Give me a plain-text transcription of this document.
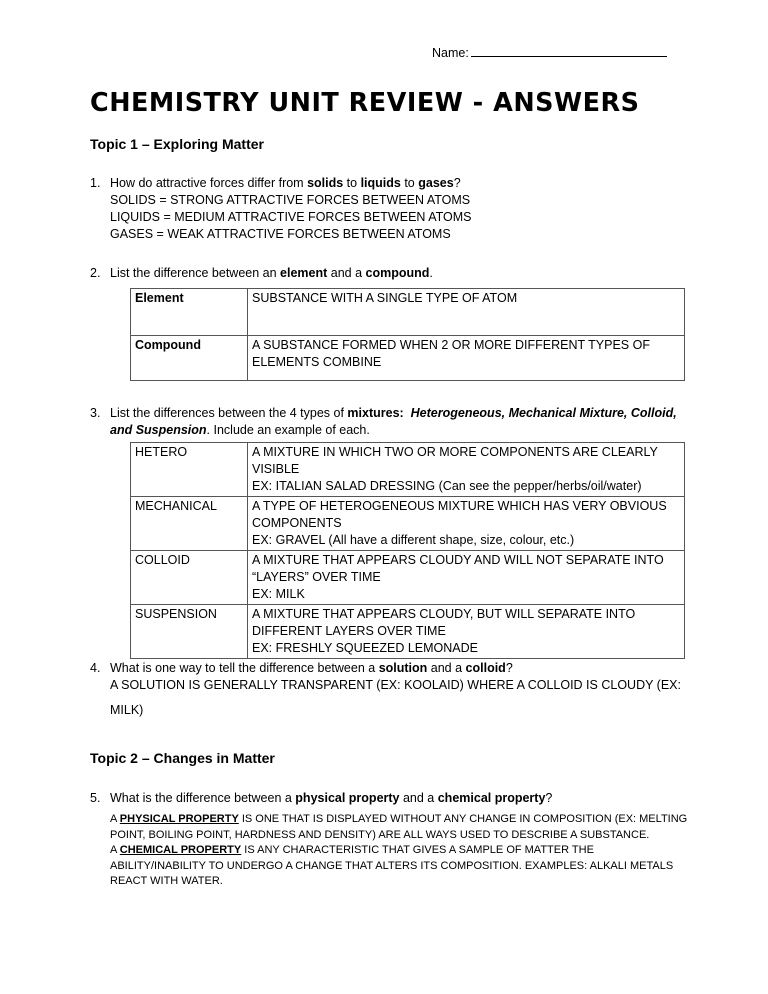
Name:
CHEMISTRY UNIT REVIEW - ANSWERS
Topic 1 – Exploring Matter
1. How do attractive forces differ from solids to liquids to gases?
SOLIDS = STRONG ATTRACTIVE FORCES BETWEEN ATOMS
LIQUIDS = MEDIUM ATTRACTIVE FORCES BETWEEN ATOMS
GASES = WEAK ATTRACTIVE FORCES BETWEEN ATOMS
2. List the difference between an element and a compound.
Element	SUBSTANCE WITH A SINGLE TYPE OF ATOM
Compound	A SUBSTANCE FORMED WHEN 2 OR MORE DIFFERENT TYPES OF ELEMENTS COMBINE
3. List the differences between the 4 types of mixtures: Heterogeneous, Mechanical Mixture, Colloid, and Suspension. Include an example of each.
HETERO	A MIXTURE IN WHICH TWO OR MORE COMPONENTS ARE CLEARLY VISIBLE
EX: ITALIAN SALAD DRESSING (Can see the pepper/herbs/oil/water)

MECHANICAL	A TYPE OF HETEROGENEOUS MIXTURE WHICH HAS VERY OBVIOUS COMPONENTS
EX: GRAVEL (All have a different shape, size, colour, etc.)

COLLOID	A MIXTURE THAT APPEARS CLOUDY AND WILL NOT SEPARATE INTO “LAYERS” OVER TIME
EX: MILK

SUSPENSION	A MIXTURE THAT APPEARS CLOUDY, BUT WILL SEPARATE INTO DIFFERENT LAYERS OVER TIME
EX: FRESHLY SQUEEZED LEMONADE
4. What is one way to tell the difference between a solution and a colloid?
A SOLUTION IS GENERALLY TRANSPARENT (EX: KOOLAID) WHERE A COLLOID IS CLOUDY (EX:
MILK)
Topic 2 – Changes in Matter
5. What is the difference between a physical property and a chemical property?
A PHYSICAL PROPERTY IS ONE THAT IS DISPLAYED WITHOUT ANY CHANGE IN COMPOSITION (EX: MELTING POINT, BOILING POINT, HARDNESS AND DENSITY) ARE ALL WAYS USED TO DESCRIBE A SUBSTANCE.
A CHEMICAL PROPERTY IS ANY CHARACTERISTIC THAT GIVES A SAMPLE OF MATTER THE ABILITY/INABILITY TO UNDERGO A CHANGE THAT ALTERS ITS COMPOSITION. EXAMPLES: ALKALI METALS REACT WITH WATER.
